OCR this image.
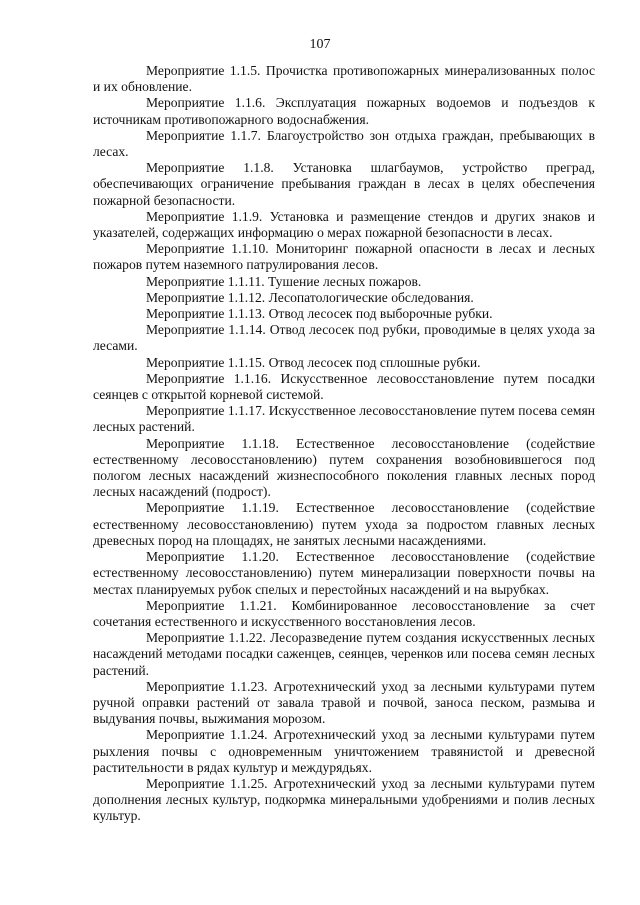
107

Мероприятие 1.1.5. Прочистка противопожарных минерализованных полос и их обновление.

Мероприятие 1.1.6. Эксплуатация пожарных водоемов и подъездов к источникам противопожарного водоснабжения.

Мероприятие 1.1.7. Благоустройство зон отдыха граждан, пребывающих в лесах.

Мероприятие 1.1.8. Установка шлагбаумов, устройство преград, обеспечивающих ограничение пребывания граждан в лесах в целях обеспечения пожарной безопасности.

Мероприятие 1.1.9. Установка и размещение стендов и других знаков и указателей, содержащих информацию о мерах пожарной безопасности в лесах.

Мероприятие 1.1.10. Мониторинг пожарной опасности в лесах и лесных пожаров путем наземного патрулирования лесов.

Мероприятие 1.1.11. Тушение лесных пожаров.

Мероприятие 1.1.12. Лесопатологические обследования.

Мероприятие 1.1.13. Отвод лесосек под выборочные рубки.

Мероприятие 1.1.14. Отвод лесосек под рубки, проводимые в целях ухода за лесами.

Мероприятие 1.1.15. Отвод лесосек под сплошные рубки.

Мероприятие 1.1.16. Искусственное лесовосстановление путем посадки сеянцев с открытой корневой системой.

Мероприятие 1.1.17. Искусственное лесовосстановление путем посева семян лесных растений.

Мероприятие 1.1.18. Естественное лесовосстановление (содействие естественному лесовосстановлению) путем сохранения возобновившегося под пологом лесных насаждений жизнеспособного поколения главных лесных пород лесных насаждений (подрост).

Мероприятие 1.1.19. Естественное лесовосстановление (содействие естественному лесовосстановлению) путем ухода за подростом главных лесных древесных пород на площадях, не занятых лесными насаждениями.

Мероприятие 1.1.20. Естественное лесовосстановление (содействие естественному лесовосстановлению) путем минерализации поверхности почвы на местах планируемых рубок спелых и перестойных насаждений и на вырубках.

Мероприятие 1.1.21. Комбинированное лесовосстановление за счет сочетания естественного и искусственного восстановления лесов.

Мероприятие 1.1.22. Лесоразведение путем создания искусственных лесных насаждений методами посадки саженцев, сеянцев, черенков или посева семян лесных растений.

Мероприятие 1.1.23. Агротехнический уход за лесными культурами путем ручной оправки растений от завала травой и почвой, заноса песком, размыва и выдувания почвы, выжимания морозом.

Мероприятие 1.1.24. Агротехнический уход за лесными культурами путем рыхления почвы с одновременным уничтожением травянистой и древесной растительности в рядах культур и междурядьях.

Мероприятие 1.1.25. Агротехнический уход за лесными культурами путем дополнения лесных культур, подкормка минеральными удобрениями и полив лесных культур.
